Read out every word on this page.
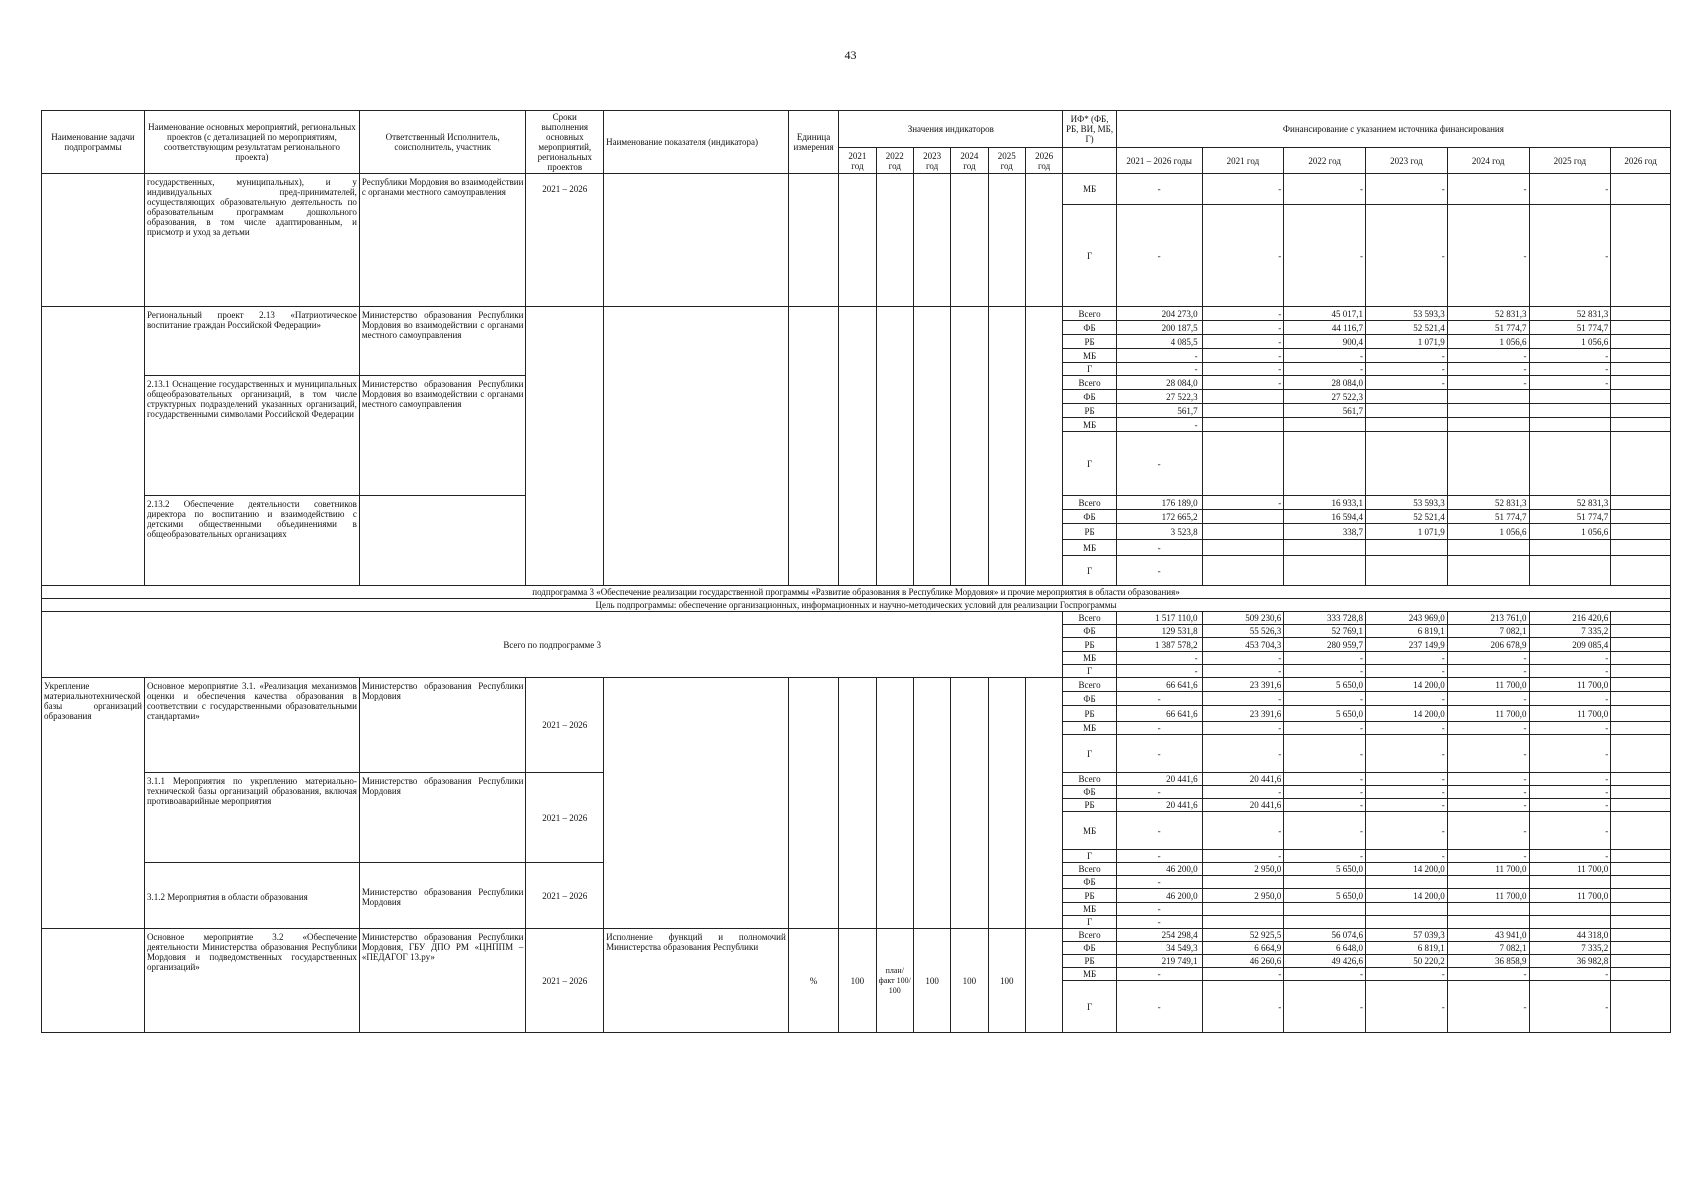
43
Наименование задачи подпрограммы	Наименование основных мероприятий, региональных проектов (с детализацией по мероприятиям, соответствующим результатам регионального проекта)	Ответственный Исполнитель, соисполнитель, участник	Сроки выполнения основных мероприятий, региональных проектов	Наименование показателя (индикатора)	Единица измерения	Значения индикаторов						ИФ* (ФБ, РБ, ВИ, МБ, Г)	Финансирование с указанием источника финансирования						
						2021 год	2022 год	2023 год	2024 год	2025 год	2026 год		2021 – 2026 годы	2021 год	2022 год	2023 год	2024 год	2025 год	2026 год
	государственных, муниципальных), и у индивидуальных пред-принимателей, осуществляющих образовательную деятельность по образовательным программам дошкольного образования, в том числе адаптированным, и присмотр и уход за детьми	Республики Мордовия во взаимодействии с органами местного самоуправления	2021 – 2026									МБ	-	-	-	-	-	-	
												Г	-	-	-	-	-	-	
	Региональный проект 2.13 «Патриотическое воспитание граждан Российской Федерации»	Министерство образования Республики Мордовия во взаимодействии с органами местного самоуправления										Всего	204 273,0	-	45 017,1	53 593,3	52 831,3	52 831,3	
												ФБ	200 187,5	-	44 116,7	52 521,4	51 774,7	51 774,7	
												РБ	4 085,5	-	900,4	1 071,9	1 056,6	1 056,6	
												МБ	-	-	-	-	-	-	
												Г	-	-	-	-	-	-	
	2.13.1 Оснащение государственных и муниципальных общеобразовательных организаций, в том числе структурных подразделений указанных организаций, государственными символами Российской Федерации	Министерство образования Республики Мордовия во взаимодействии с органами местного самоуправления										Всего	28 084,0	-	28 084,0	-	-	-	
												ФБ	27 522,3		27 522,3				
												РБ	561,7		561,7				
												МБ	-						
												Г	-						
	2.13.2 Обеспечение деятельности советников директора по воспитанию и взаимодействию с детскими общественными объединениями в общеобразовательных организациях											Всего	176 189,0	-	16 933,1	53 593,3	52 831,3	52 831,3	
												ФБ	172 665,2		16 594,4	52 521,4	51 774,7	51 774,7	
												РБ	3 523,8		338,7	1 071,9	1 056,6	1 056,6	
												МБ	-						
												Г	-						
подпрограмма 3 «Обеспечение реализации государственной программы «Развитие образования в Республике Мордовия» и прочие мероприятия в области образования»																			
Цель подпрограммы: обеспечение организационных, информационных и научно-методических условий для реализации Госпрограммы																			
Всего по подпрограмме 3												Всего	1 517 110,0	509 230,6	333 728,8	243 969,0	213 761,0	216 420,6	
												ФБ	129 531,8	55 526,3	52 769,1	6 819,1	7 082,1	7 335,2	
												РБ	1 387 578,2	453 704,3	280 959,7	237 149,9	206 678,9	209 085,4	
												МБ	-	-	-	-	-	-	
												Г	-	-	-	-	-	-	
Укрепление материальнотехнической базы организаций образования	Основное мероприятие 3.1. «Реализация механизмов оценки и обеспечения качества образования в соответствии с государственными образовательными стандартами»	Министерство образования Республики Мордовия	2021 – 2026									Всего	66 641,6	23 391,6	5 650,0	14 200,0	11 700,0	11 700,0	
												ФБ	-	-	-	-	-	-	
												РБ	66 641,6	23 391,6	5 650,0	14 200,0	11 700,0	11 700,0	
												МБ	-	-	-	-	-	-	
												Г	-	-	-	-	-	-	
	3.1.1 Мероприятия по укреплению материально-технической базы организаций образования, включая противоаварийные мероприятия	Министерство образования Республики Мордовия	2021 – 2026									Всего	20 441,6	20 441,6	-	-	-	-	
												ФБ	-	-	-	-	-	-	
												РБ	20 441,6	20 441,6	-	-	-	-	
												МБ	-	-	-	-	-	-	
												Г	-	-	-	-	-	-	
	3.1.2 Мероприятия в области образования	Министерство образования Республики Мордовия	2021 – 2026									Всего	46 200,0	2 950,0	5 650,0	14 200,0	11 700,0	11 700,0	
												ФБ	-						
												РБ	46 200,0	2 950,0	5 650,0	14 200,0	11 700,0	11 700,0	
												МБ	-						
												Г	-						
	Основное мероприятие 3.2 «Обеспечение деятельности Министерства образования Республики Мордовия и подведомственных государственных организаций»	Министерство образования Республики Мордовия, ГБУ ДПО РМ «ЦНППМ – «ПЕДАГОГ 13.ру»	2021 – 2026	Исполнение функций и полномочий Министерства образования Республики	%	100	план/ факт 100/ 100	100	100	100		Всего	254 298,4	52 925,5	56 074,6	57 039,3	43 941,0	44 318,0	
												ФБ	34 549,3	6 664,9	6 648,0	6 819,1	7 082,1	7 335,2	
												РБ	219 749,1	46 260,6	49 426,6	50 220,2	36 858,9	36 982,8	
												МБ	-	-	-	-	-	-	
												Г	-	-	-	-	-	-	
